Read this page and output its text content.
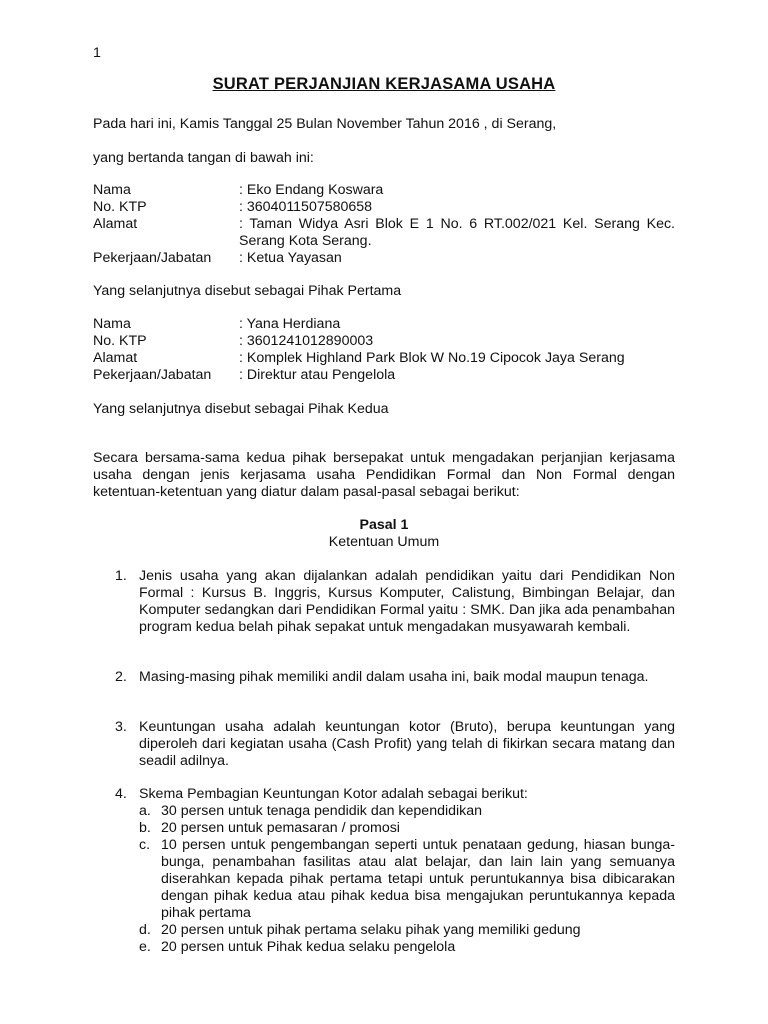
1
SURAT PERJANJIAN KERJASAMA USAHA

Pada hari ini, Kamis Tanggal 25 Bulan November Tahun 2016 , di Serang,

yang bertanda tangan di bawah ini:

Nama	: Eko Endang Koswara
No. KTP	: 3604011507580658
Alamat	: Taman Widya Asri Blok E 1 No. 6 RT.002/021 Kel. Serang Kec. Serang Kota Serang.
Pekerjaan/Jabatan	: Ketua Yayasan

Yang selanjutnya disebut sebagai Pihak Pertama

Nama	: Yana Herdiana
No. KTP	: 3601241012890003
Alamat	: Komplek Highland Park Blok W No.19 Cipocok Jaya Serang
Pekerjaan/Jabatan	: Direktur atau Pengelola

Yang selanjutnya disebut sebagai Pihak Kedua

Secara bersama-sama kedua pihak bersepakat untuk mengadakan perjanjian kerjasama usaha dengan jenis kerjasama usaha Pendidikan Formal dan Non Formal dengan ketentuan-ketentuan yang diatur dalam pasal-pasal sebagai berikut:

Pasal 1
Ketentuan Umum
1. Jenis usaha yang akan dijalankan adalah pendidikan yaitu dari Pendidikan Non Formal : Kursus B. Inggris, Kursus Komputer, Calistung, Bimbingan Belajar, dan Komputer sedangkan dari Pendidikan Formal yaitu : SMK. Dan jika ada penambahan program kedua belah pihak sepakat untuk mengadakan musyawarah kembali.
2. Masing-masing pihak memiliki andil dalam usaha ini, baik modal maupun tenaga.
3. Keuntungan usaha adalah keuntungan kotor (Bruto), berupa keuntungan yang diperoleh dari kegiatan usaha (Cash Profit) yang telah di fikirkan secara matang dan seadil adilnya.
4. Skema Pembagian Keuntungan Kotor adalah sebagai berikut:
a. 30 persen untuk tenaga pendidik dan kependidikan
b. 20 persen untuk pemasaran / promosi
c. 10 persen untuk pengembangan seperti untuk penataan gedung, hiasan bunga-bunga, penambahan fasilitas atau alat belajar, dan lain lain yang semuanya diserahkan kepada pihak pertama tetapi untuk peruntukannya bisa dibicarakan dengan pihak kedua atau pihak kedua bisa mengajukan peruntukannya kepada pihak pertama
d. 20 persen untuk pihak pertama selaku pihak yang memiliki gedung
e. 20 persen untuk Pihak kedua selaku pengelola
